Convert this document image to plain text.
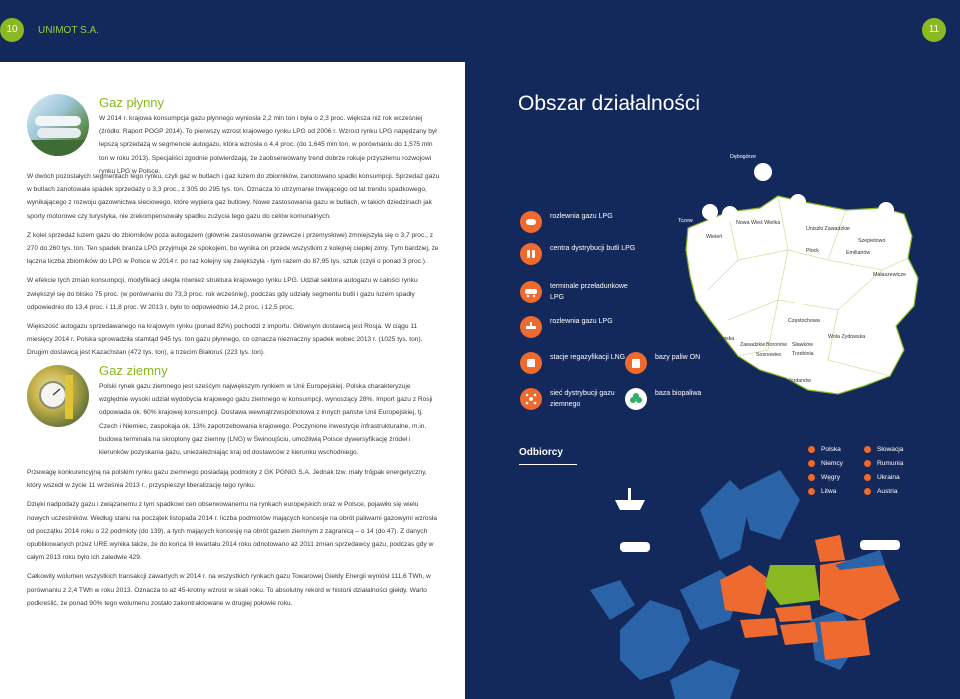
10	UNIMOT S.A.
Gaz płynny

W 2014 r. krajowa konsumpcja gazu płynnego wyniosła 2,2 mln ton i była o 2,3 proc. większa niż rok wcześniej (źródło: Raport POGP 2014). To pierwszy wzrost krajowego rynku LPG od 2006 r. Wzrost rynku LPG napędzany był lepszą sprzedażą w segmencie autogazu, która wzrosła o 4,4 proc. (do 1,645 mln ton, w porównaniu do 1,575 mln ton w roku 2013). Specjaliści zgodnie potwierdzają, że zaobserwowany trend dobrze rokuje przyszłemu rozwojowi rynku LPG w Polsce.

W dwóch pozostałych segmentach tego rynku, czyli gaz w butlach i gaz luzem do zbiorników, zanotowano spadki konsumpcji. Sprzedaż gazu w butlach zanotowała spadek sprzedaży o 3,3 proc., z 305 do 295 tys. ton. Oznacza to utrzymanie trwającego od lat trendu spadkowego, wynikającego z rozwoju gazownictwa sieciowego, które wypiera gaz butlowy. Nowe zastosowania gazu w butlach, w takich dziedzinach jak sporty motorowe czy turystyka, nie zrekompensowały spadku zużycia tego gazu do celów komunalnych.

Z kolei sprzedaż luzem gazu do zbiorników poza autogazem (głównie zastosowanie grzewcze i przemysłowe) zmniejszyła się o 3,7 proc., z 270 do 260 tys. ton. Ten spadek branża LPG przyjmuje ze spokojem, bo wynika on przede wszystkim z kolejnej ciepłej zimy. Tym bardziej, że łączna liczba zbiorników do LPG w Polsce w 2014 r. po raz kolejny się zwiększyła - tym razem do 87,95 tys. sztuk (czyli o ponad 3 proc.).

W efekcie tych zmian konsumpcji, modyfikacji uległa również struktura krajowego rynku LPG. Udział sektora autogazu w całości rynku zwiększył się do blisko 75 proc. (w porównaniu do 73,3 proc. rok wcześniej), podczas gdy udziały segmentu butli i gazu luzem spadły odpowiednio do 13,4 proc. i 11,8 proc. W 2013 r. było to odpowiednio 14,2 proc. i 12,5 proc.

Większość autogazu sprzedawanego na krajowym rynku (ponad 82%) pochodzi z importu. Głównym dostawcą jest Rosja. W ciągu 11 miesięcy 2014 r. Polska sprowadziła stamtąd 945 tys. ton gazu płynnego, co oznacza nieznaczny spadek wobec 2013 r. (1025 tys. ton). Drugim dostawcą jest Kazachstan (472 tys. ton), a trzecim Białoruś (223 tys. ton).

Gaz ziemny

Polski rynek gazu ziemnego jest sześćym największym rynkiem w Unii Europejskiej. Polska charakteryzuje względnie wysoki udział wydobycia krajowego gazu ziemnego w konsumpcji, wynoszący 28%. Import gazu z Rosji odpowiada ok. 60% krajowej konsumpcji. Dostawa wewnątrzwspólnotowa z innych państw Unii Europejskiej, tj. Czech i Niemiec, zaspokaja ok. 13% zapotrzebowania krajowego. Poczynione inwestycje infrastrukturalne, m.in. budowa terminala na skroplony gaz ziemny (LNG) w Świnoujściu, umożliwią Polsce dywersyfikację źródeł i kierunków pozyskania gazu, uniezależniając kraj od dostawców z kierunku wschodniego.

Przewagę konkurencyjną na polskim rynku gazu ziemnego posiadają podmioty z GK PGNiG S.A. Jednak tzw. mały trójpak energetyczny, który wszedł w życie 11 września 2013 r., przyspieszył liberalizację tego rynku.

Dzięki nadpodaży gazu i związanemu z tym spadkowi cen obserwowanemu na rynkach europejskich oraz w Polsce, pojawiło się wielu nowych uczestników. Według stanu na początek listopada 2014 r. liczba podmiotów mających koncesje na obrót paliwami gazowymi wzrosła od początku 2014 roku o 22 podmioty (do 139), a tych mających koncesję na obrót gazem ziemnym z zagranicą – o 14 (do 47). Z danych opublikowanych przez URE wynika także, że do końca III kwartału 2014 roku odnotowano aż 2011 zmian sprzedawcy gazu, podczas gdy w całym 2013 roku było ich zaledwie 429.

Całkowity wolumen wszystkich transakcji zawartych w 2014 r. na wszystkich rynkach gazu Towarowej Giełdy Energii wyniósł 111,6 TWh, w porównaniu z 2,4 TWh w roku 2013. Oznacza to aż 45-krotny wzrost w skali roku. To absolutny rekord w historii działalności giełdy. Warto podkreślić, że ponad 90% tego wolumenu zostało zakontraktowane w drugiej połowie roku.

11
Obszar działalności
rozlewnia gazu LPG
centra dystrybucji butli LPG
terminale przeładunkowe LPG
rozlewnia gazu LPG
stacje regazyfikacji LNG	bazy paliw ON
sieć dystrybucji gazu ziemnego
baza biopaliwa
Dębogórze
Tczew
Wieleń
Nowa Wieś Wielka
Uniszki Zawadzkie
Szepietowo
Płock	Emilianów
Małaszewicze
Niwiska
Częstochowa
Wola Zydowska
Zawadzkie Boronów Sławków
Trzebinia
Sosnowiec
Jordanów
Odbiorcy	Polska
Niemcy
Węgry
Litwa
Słowacja
Rumunia
Ukraina
Austria
